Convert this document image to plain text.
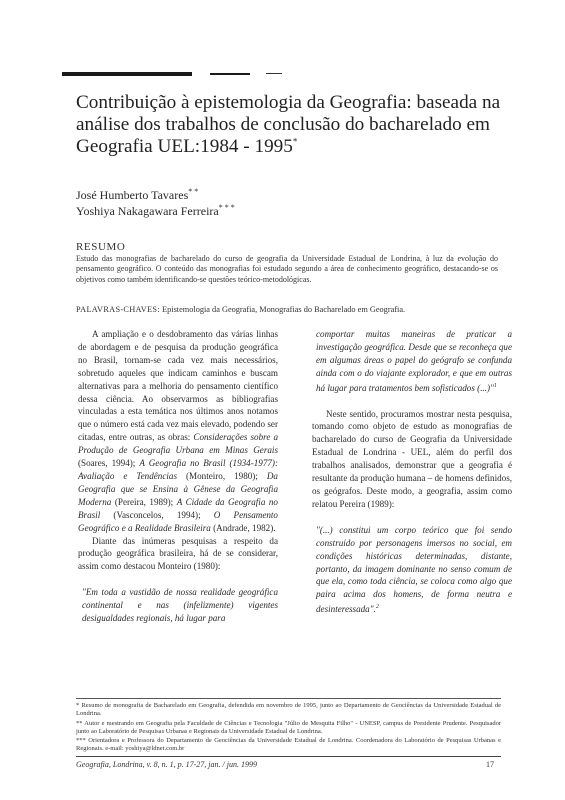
Contribuição à epistemologia da Geografia: baseada na análise dos trabalhos de conclusão do bacharelado em Geografia UEL:1984 - 1995*
José Humberto Tavares* *
Yoshiya Nakagawara Ferreira* * *
RESUMO
Estudo das monografias de bacharelado do curso de geografia da Universidade Estadual de Londrina, à luz da evolução do pensamento geográfico. O conteúdo das monografias foi estudado segundo a área de conhecimento geográfico, destacando-se os objetivos como também identificando-se questões teórico-metodológicas.
PALAVRAS-CHAVES: Epistemologia da Geografia, Monografias do Bacharelado em Geografia.

A ampliação e o desdobramento das várias linhas de abordagem e de pesquisa da produção geográfica no Brasil, tornam-se cada vez mais necessários, sobretudo aqueles que indicam caminhos e buscam alternativas para a melhoria do pensamento científico dessa ciência. Ao observarmos as bibliografias vinculadas a esta temática nos últimos anos notamos que o número está cada vez mais elevado, podendo ser citadas, entre outras, as obras: Considerações sobre a Produção de Geografia Urbana em Minas Gerais (Soares, 1994); A Geografia no Brasil (1934-1977): Avaliação e Tendências (Monteiro, 1980); Da Geografia que se Ensina à Gênese da Geografia Moderna (Pereira, 1989); A Cidade da Geografia no Brasil (Vasconcelos, 1994); O Pensamento Geográfico e a Realidade Brasileira (Andrade, 1982).

Diante das inúmeras pesquisas a respeito da produção geográfica brasileira, há de se considerar, assim como destacou Monteiro (1980):

"Em toda a vastidão de nossa realidade geográfica continental e nas (infelizmente) vigentes desigualdades regionais, há lugar para

comportar muitas maneiras de praticar a investigação geográfica. Desde que se reconheça que em algumas áreas o papel do geógrafo se confunda ainda com o do viajante explorador, e que em outras há lugar para tratamentos bem sofisticados (...)"$^1$

Neste sentido, procuramos mostrar nesta pesquisa, tomando como objeto de estudo as monografias de bacharelado do curso de Geografia da Universidade Estadual de Londrina - UEL, além do perfil dos trabalhos analisados, demonstrar que a geografia é resultante da produção humana – de homens definidos, os geógrafos. Deste modo, a geografia, assim como relatou Pereira (1989):

"(...) constitui um corpo teórico que foi sendo construído por personagens imersos no social, em condições históricas determinadas, distante, portanto, da imagem dominante no senso comum de que ela, como toda ciência, se coloca como algo que paira acima dos homens, de forma neutra e desinteressada".$^2$

* Resumo de monografia de Bacharelado em Geografia, defendida em novembro de 1995, junto ao Departamento de Geociências da Universidade Estadual de Londrina.

** Autor e mestrando em Geografia pela Faculdade de Ciências e Tecnologia "Júlio de Mesquita Filho" - UNESP, campus de Presidente Prudente. Pesquisador junto ao Laboratório de Pesquisas Urbanas e Regionais da Universidade Estadual de Londrina.

*** Orientadora e Professora do Departamento de Geociências da Universidade Estadual de Londrina. Coordenadora do Laboratório de Pesquisas Urbanas e Regionais. e-mail: yoshiya@ldnet.com.br

Geografia, Londrina, v. 8, n. 1, p. 17-27, jan. / jun. 1999	17
